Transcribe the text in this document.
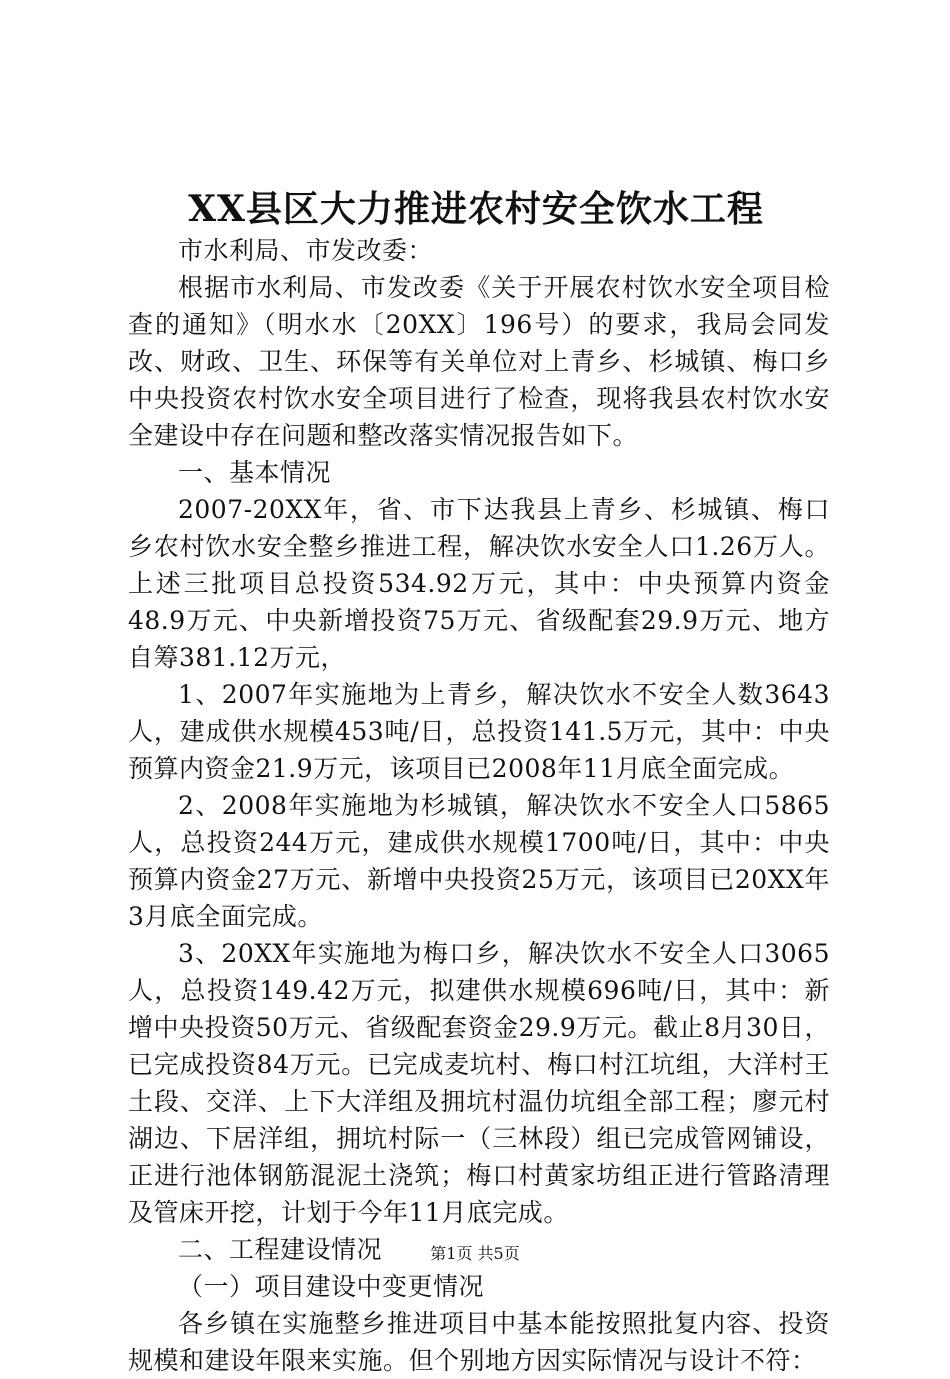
XX县区大力推进农村安全饮水工程

市水利局、市发改委：

根据市水利局、市发改委《关于开展农村饮水安全项目检查的通知》（明水水〔20XX〕196号）的要求，我局会同发改、财政、卫生、环保等有关单位对上青乡、杉城镇、梅口乡中央投资农村饮水安全项目进行了检查，现将我县农村饮水安全建设中存在问题和整改落实情况报告如下。

一、基本情况

2007-20XX年，省、市下达我县上青乡、杉城镇、梅口乡农村饮水安全整乡推进工程，解决饮水安全人口1.26万人。上述三批项目总投资534.92万元，其中：中央预算内资金48.9万元、中央新增投资75万元、省级配套29.9万元、地方自筹381.12万元，

1、2007年实施地为上青乡，解决饮水不安全人数3643人，建成供水规模453吨/日，总投资141.5万元，其中：中央预算内资金21.9万元，该项目已2008年11月底全面完成。

2、2008年实施地为杉城镇，解决饮水不安全人口5865人，总投资244万元，建成供水规模1700吨/日，其中：中央预算内资金27万元、新增中央投资25万元，该项目已20XX年3月底全面完成。

3、20XX年实施地为梅口乡，解决饮水不安全人口3065人，总投资149.42万元，拟建供水规模696吨/日，其中：新增中央投资50万元、省级配套资金29.9万元。截止8月30日，已完成投资84万元。已完成麦坑村、梅口村江坑组，大洋村王土段、交洋、上下大洋组及拥坑村温仂坑组全部工程；廖元村湖边、下居洋组，拥坑村际一（三林段）组已完成管网铺设，正进行池体钢筋混泥土浇筑；梅口村黄家坊组正进行管路清理及管床开挖，计划于今年11月底完成。

二、工程建设情况

（一）项目建设中变更情况

各乡镇在实施整乡推进项目中基本能按照批复内容、投资规模和建设年限来实施。但个别地方因实际情况与设计不符：

第1页 共5页
